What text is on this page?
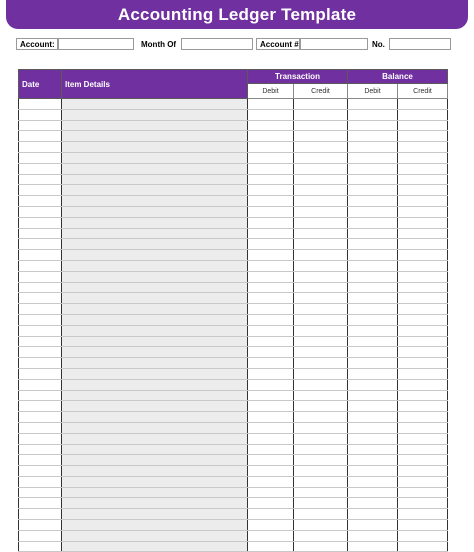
Accounting Ledger Template
Account:	Month Of	Account #	No.
Date	Item Details	Transaction		Balance	
		Debit	Credit	Debit	Credit
